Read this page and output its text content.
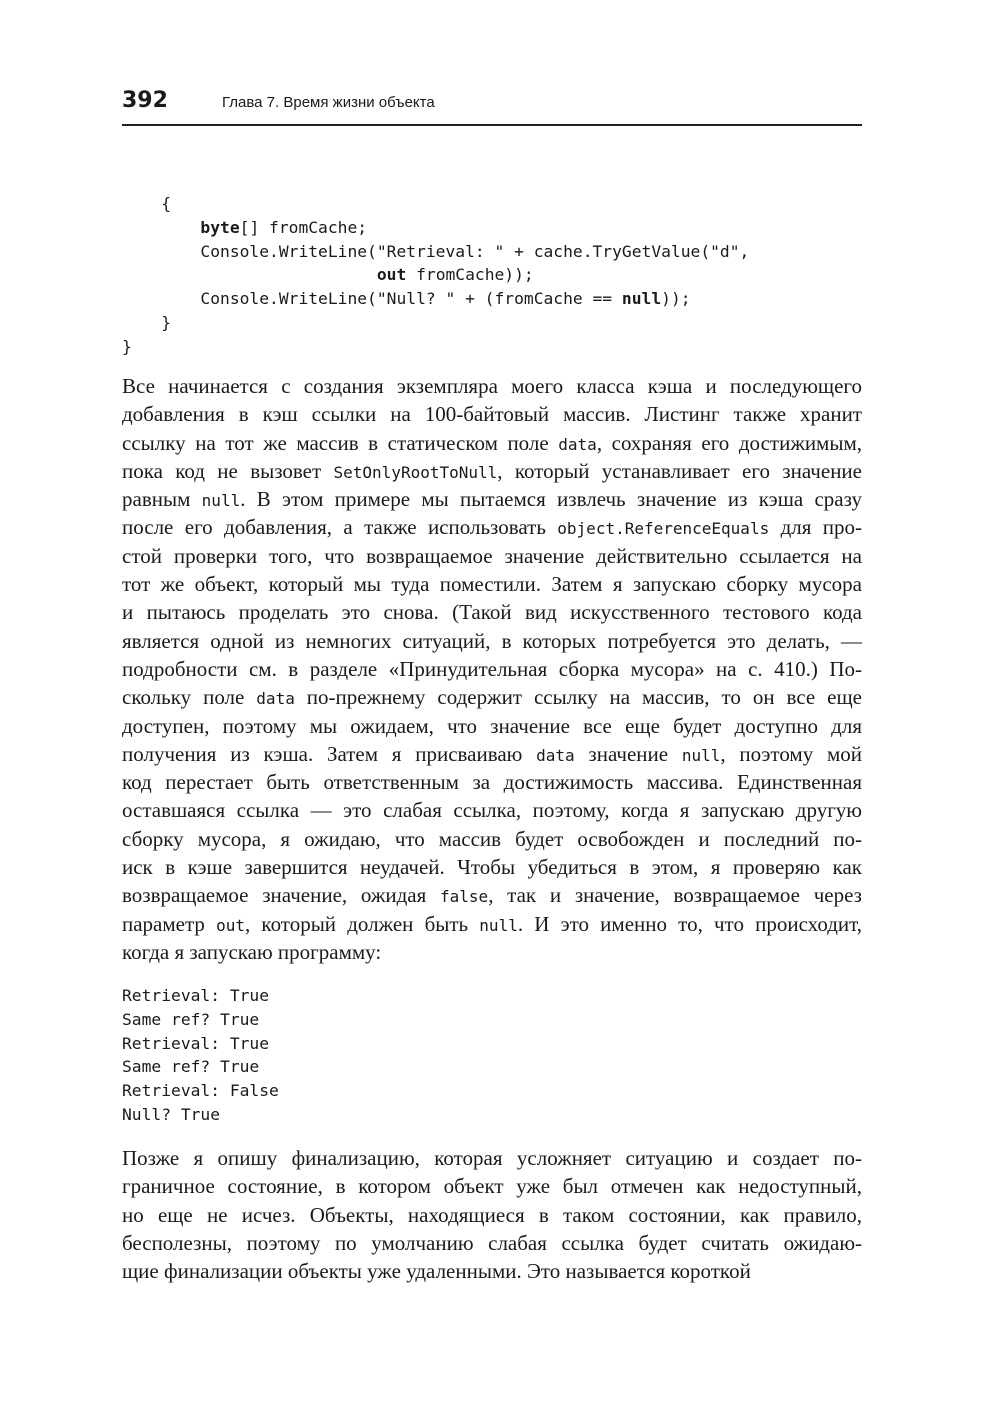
392	Глава 7. Время жизни объекта
{
byte[] fromCache;
Console.WriteLine("Retrieval: " + cache.TryGetValue("d",
out fromCache));
Console.WriteLine("Null? " + (fromCache == null));
}
}
Все начинается с создания экземпляра моего класса кэша и последующего
добавления в кэш ссылки на 100-байтовый массив. Листинг также хранит
ссылку на тот же массив в статическом поле data, сохраняя его достижимым,
пока код не вызовет SetOnlyRootToNull, который устанавливает его значение
равным null. В этом примере мы пытаемся извлечь значение из кэша сразу
после его добавления, а также использовать object.ReferenceEquals для про-
стой проверки того, что возвращаемое значение действительно ссылается на
тот же объект, который мы туда поместили. Затем я запускаю сборку мусора
и пытаюсь проделать это снова. (Такой вид искусственного тестового кода
является одной из немногих ситуаций, в которых потребуется это делать, —
подробности см. в разделе «Принудительная сборка мусора» на с. 410.) По-
скольку поле data по-прежнему содержит ссылку на массив, то он все еще
доступен, поэтому мы ожидаем, что значение все еще будет доступно для
получения из кэша. Затем я присваиваю data значение null, поэтому мой
код перестает быть ответственным за достижимость массива. Единственная
оставшаяся ссылка — это слабая ссылка, поэтому, когда я запускаю другую
сборку мусора, я ожидаю, что массив будет освобожден и последний по-
иск в кэше завершится неудачей. Чтобы убедиться в этом, я проверяю как
возвращаемое значение, ожидая false, так и значение, возвращаемое через
параметр out, который должен быть null. И это именно то, что происходит,
когда я запускаю программу:
Retrieval: True
Same ref? True
Retrieval: True
Same ref? True
Retrieval: False
Null? True
Позже я опишу финализацию, которая усложняет ситуацию и создает по-
граничное состояние, в котором объект уже был отмечен как недоступный,
но еще не исчез. Объекты, находящиеся в таком состоянии, как правило,
бесполезны, поэтому по умолчанию слабая ссылка будет считать ожидаю-
щие финализации объекты уже удаленными. Это называется короткой
